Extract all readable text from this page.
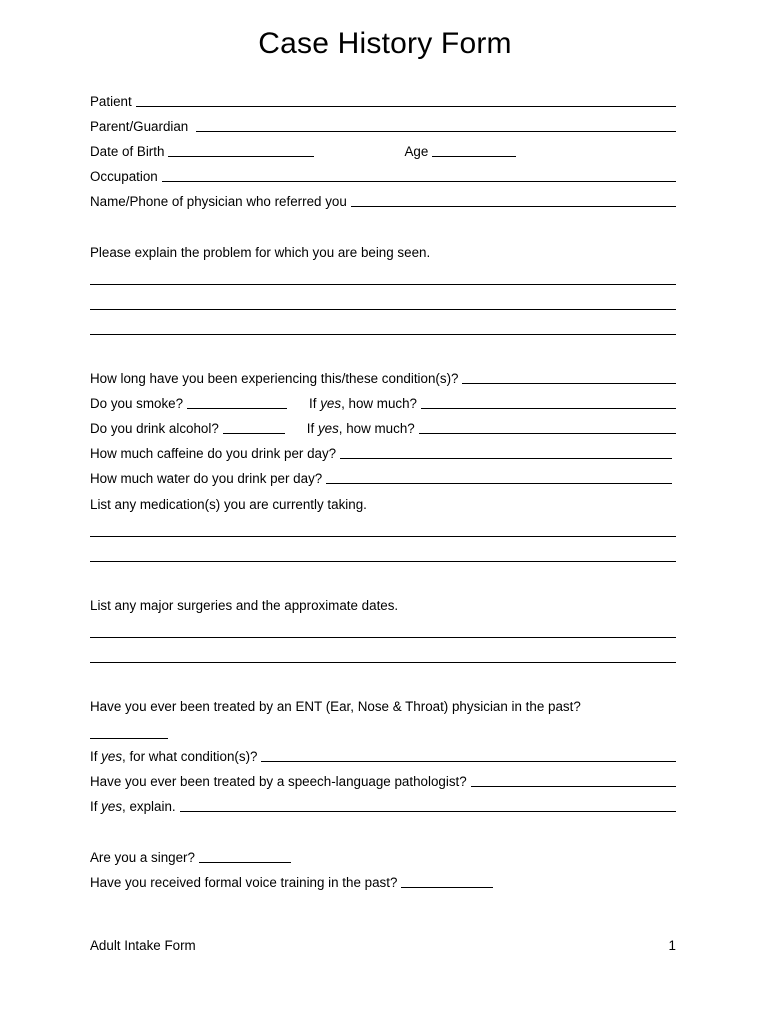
Case History Form
Patient
Parent/Guardian
Date of Birth	Age
Occupation
Name/Phone of physician who referred you
Please explain the problem for which you are being seen.
How long have you been experiencing this/these condition(s)?
Do you smoke?	If yes, how much?
Do you drink alcohol?	If yes, how much?
How much caffeine do you drink per day?
How much water do you drink per day?
List any medication(s) you are currently taking.
List any major surgeries and the approximate dates.
Have you ever been treated by an ENT (Ear, Nose & Throat) physician in the past?
If yes, for what condition(s)?
Have you ever been treated by a speech-language pathologist?
If yes, explain.
Are you a singer?
Have you received formal voice training in the past?
Adult Intake Form	1
